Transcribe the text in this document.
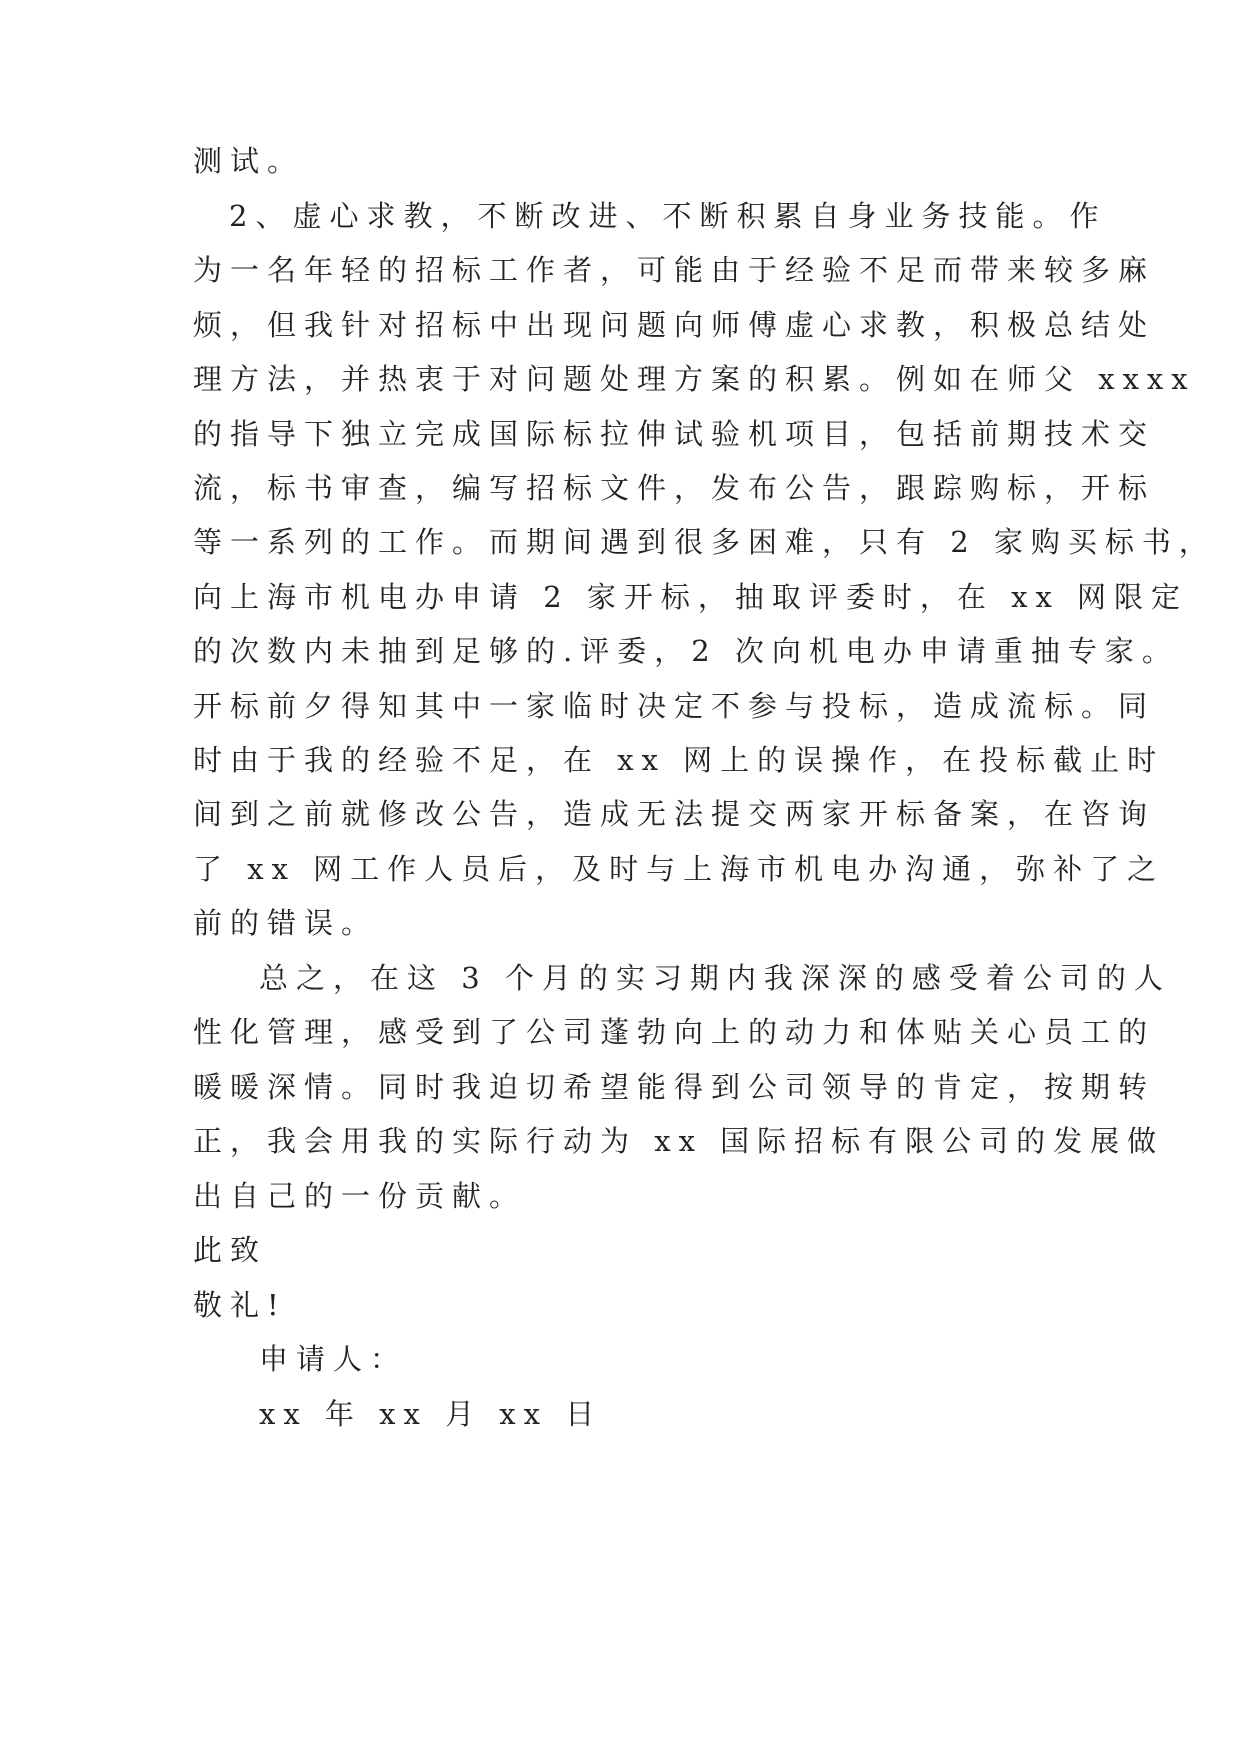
测试。
2、虚心求教，不断改进、不断积累自身业务技能。作
为一名年轻的招标工作者，可能由于经验不足而带来较多麻
烦，但我针对招标中出现问题向师傅虚心求教，积极总结处
理方法，并热衷于对问题处理方案的积累。例如在师父 xxxx
的指导下独立完成国际标拉伸试验机项目，包括前期技术交
流，标书审查，编写招标文件，发布公告，跟踪购标，开标
等一系列的工作。而期间遇到很多困难，只有 2 家购买标书，
向上海市机电办申请 2 家开标，抽取评委时，在 xx 网限定
的次数内未抽到足够的.评委，2 次向机电办申请重抽专家。
开标前夕得知其中一家临时决定不参与投标，造成流标。同
时由于我的经验不足，在 xx 网上的误操作，在投标截止时
间到之前就修改公告，造成无法提交两家开标备案，在咨询
了 xx 网工作人员后，及时与上海市机电办沟通，弥补了之
前的错误。
总之，在这 3 个月的实习期内我深深的感受着公司的人
性化管理，感受到了公司蓬勃向上的动力和体贴关心员工的
暖暖深情。同时我迫切希望能得到公司领导的肯定，按期转
正，我会用我的实际行动为 xx 国际招标有限公司的发展做
出自己的一份贡献。
此致
敬礼!
申请人：
xx 年 xx 月 xx 日
